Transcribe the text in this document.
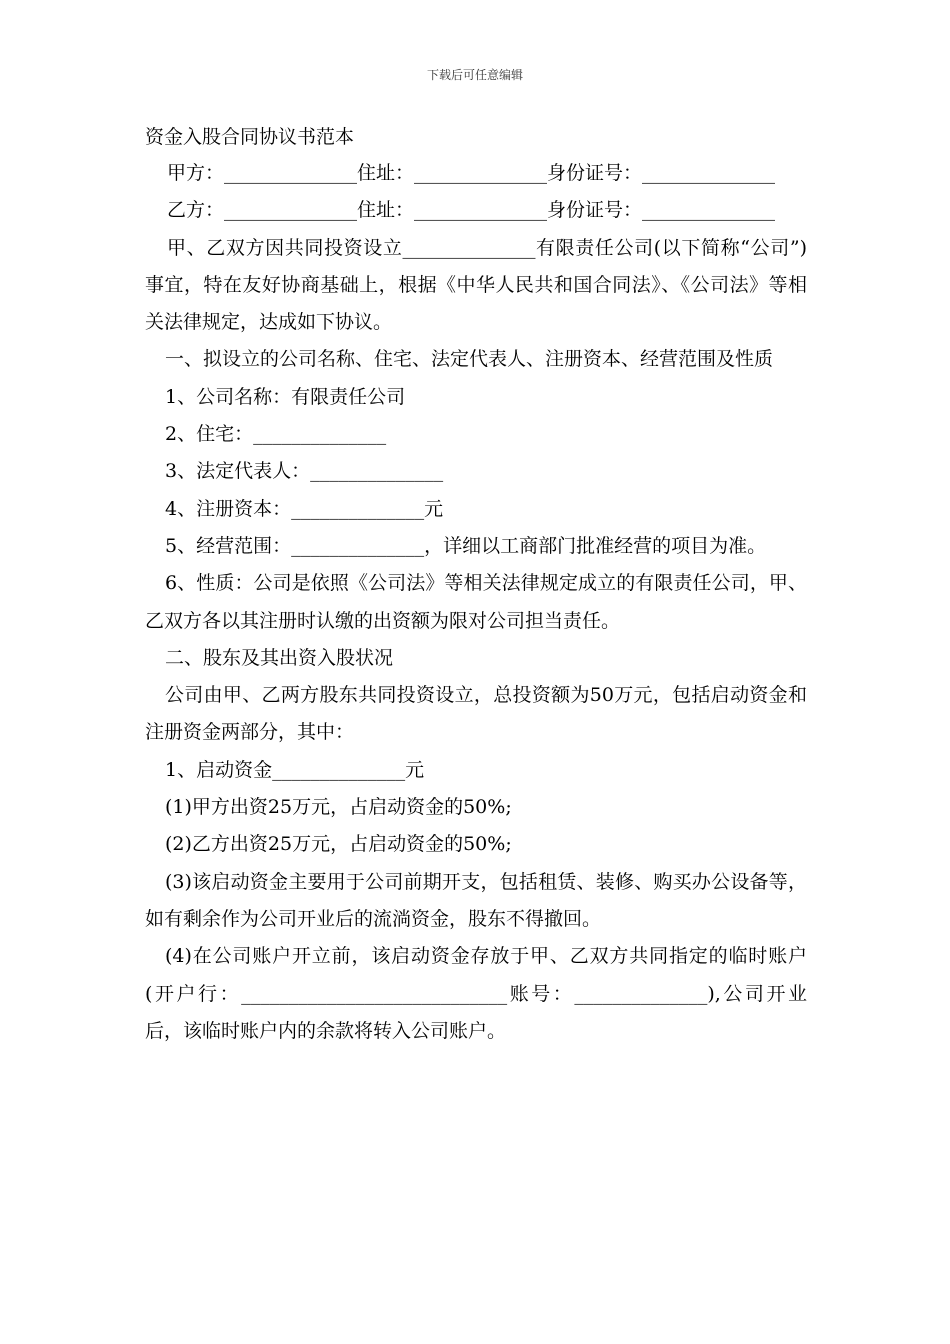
下载后可任意编辑
资金入股合同协议书范本

甲方：______________住址：______________身份证号：______________

乙方：______________住址：______________身份证号：______________

甲、乙双方因共同投资设立______________有限责任公司(以下简称“公司”)事宜，特在友好协商基础上，根据《中华人民共和国合同法》、《公司法》等相关法律规定，达成如下协议。

一、拟设立的公司名称、住宅、法定代表人、注册资本、经营范围及性质

1、公司名称：有限责任公司

2、住宅：______________

3、法定代表人：______________

4、注册资本：______________元

5、经营范围：______________，详细以工商部门批准经营的项目为准。

6、性质：公司是依照《公司法》等相关法律规定成立的有限责任公司，甲、乙双方各以其注册时认缴的出资额为限对公司担当责任。

二、股东及其出资入股状况

公司由甲、乙两方股东共同投资设立，总投资额为50万元，包括启动资金和注册资金两部分，其中：

1、启动资金______________元

(1)甲方出资25万元，占启动资金的50%;

(2)乙方出资25万元，占启动资金的50%;

(3)该启动资金主要用于公司前期开支，包括租赁、装修、购买办公设备等，如有剩余作为公司开业后的流淌资金，股东不得撤回。

(4)在公司账户开立前，该启动资金存放于甲、乙双方共同指定的临时账户(开户行：____________________________账号：______________),公司开业后，该临时账户内的余款将转入公司账户。
